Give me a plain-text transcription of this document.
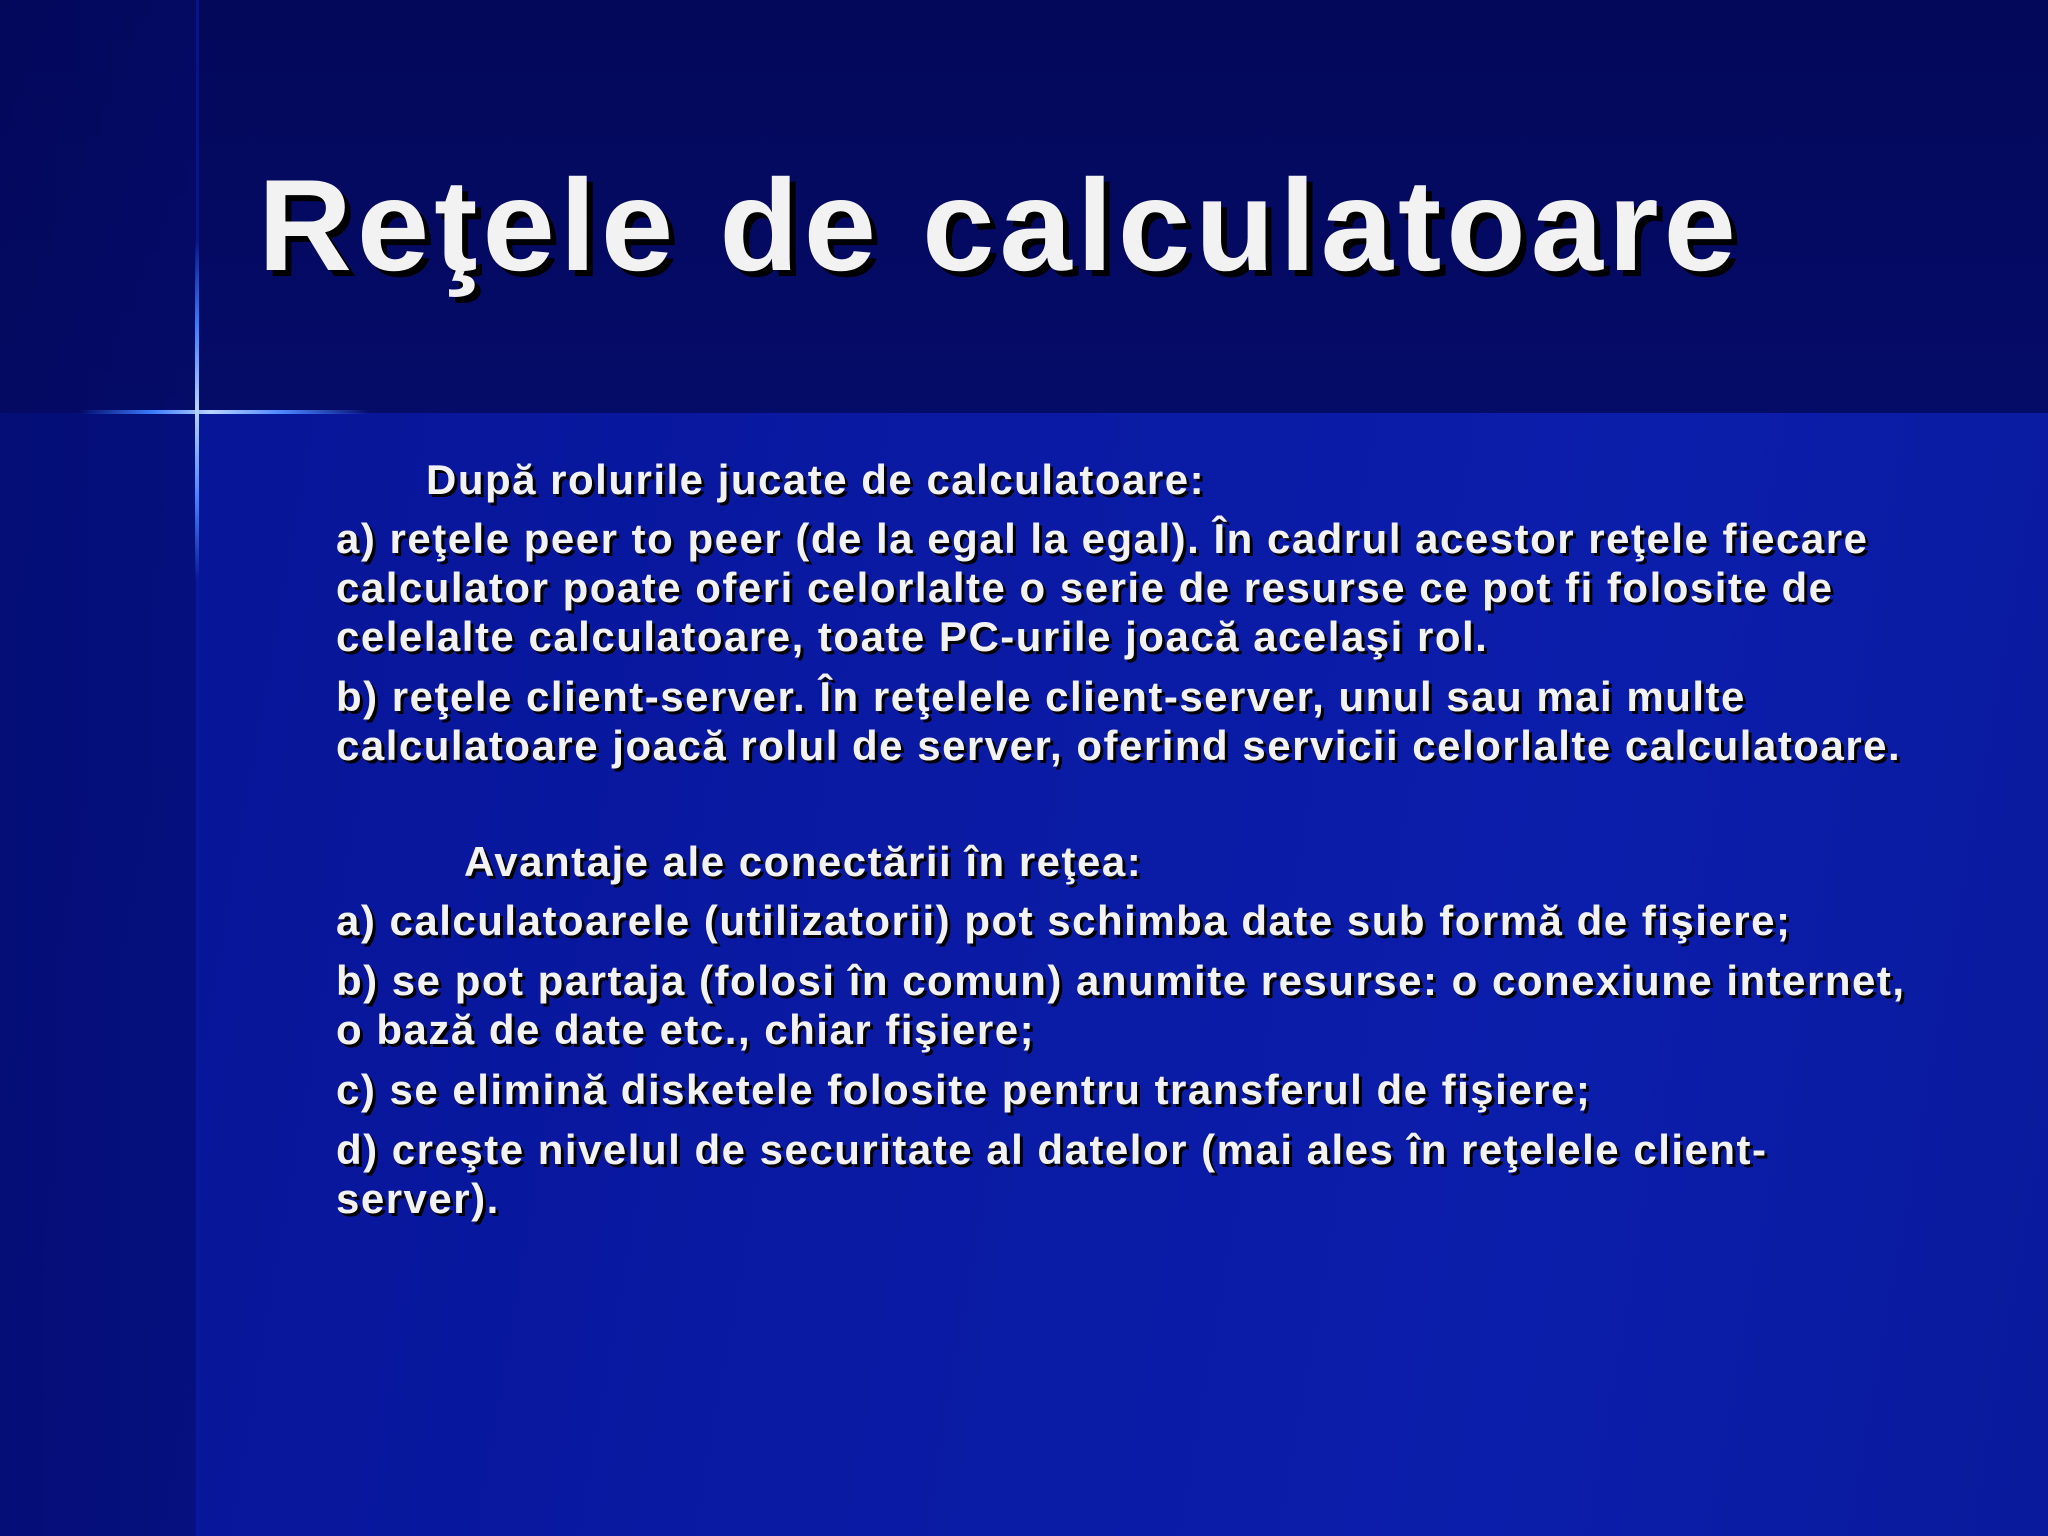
Reţele de calculatoare

După rolurile jucate de calculatoare:

a) reţele peer to peer (de la egal la egal). În cadrul acestor reţele fiecare calculator poate oferi celorlalte o serie de resurse ce pot fi folosite de celelalte calculatoare, toate PC-urile joacă acelaşi rol.

b) reţele client-server. În reţelele client-server, unul sau mai multe calculatoare joacă rolul de server, oferind servicii celorlalte calculatoare.

Avantaje ale conectării în reţea:

a) calculatoarele (utilizatorii) pot schimba date sub formă de fişiere;

b) se pot partaja (folosi în comun) anumite resurse: o conexiune internet, o bază de date etc., chiar fişiere;

c) se elimină disketele folosite pentru transferul de fişiere;

d) creşte nivelul de securitate al datelor (mai ales în reţelele client-server).
